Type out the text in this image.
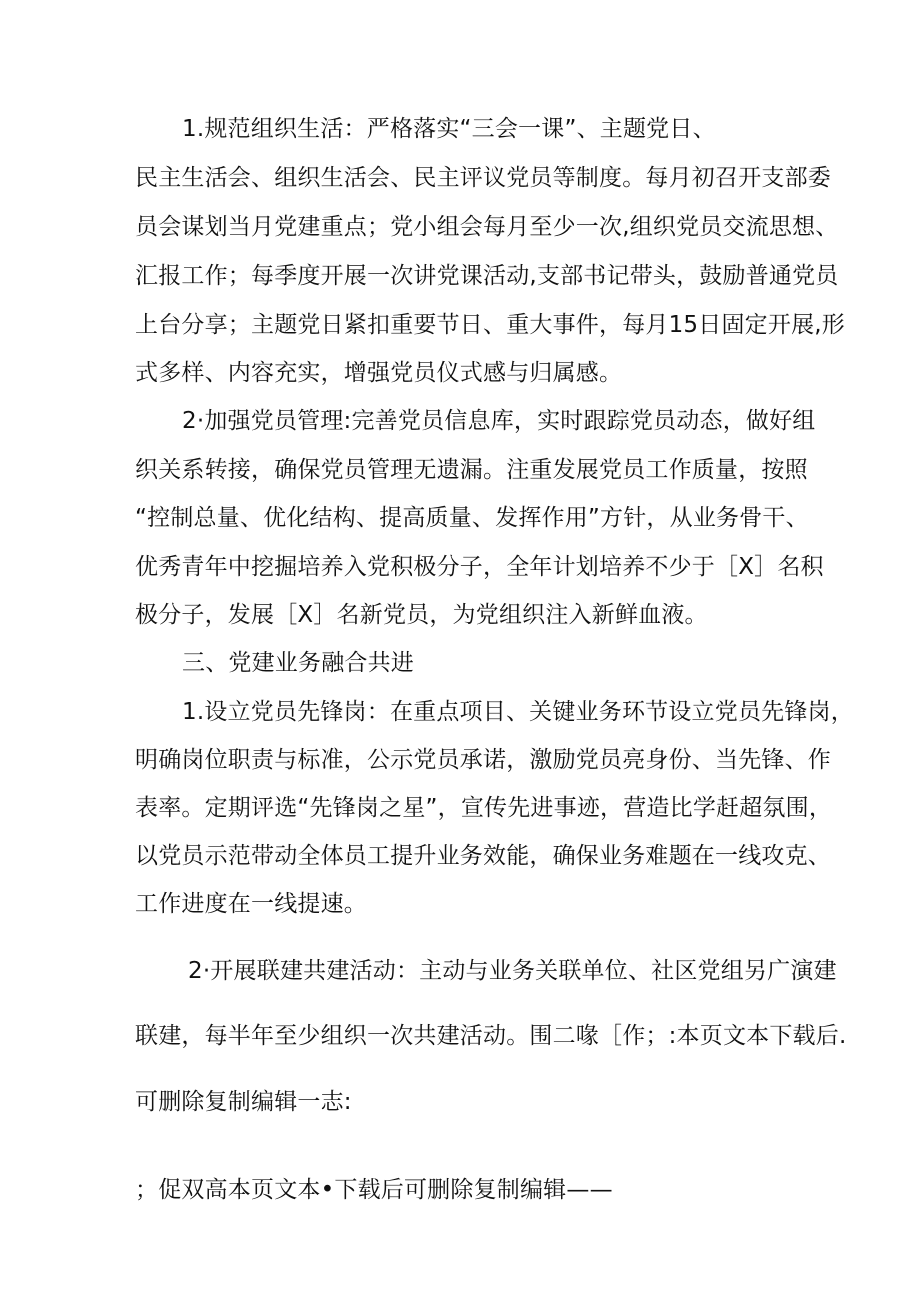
1.规范组织生活：严格落实“三会一课”、主题党日、
民主生活会、组织生活会、民主评议党员等制度。每月初召开支部委
员会谋划当月党建重点；党小组会每月至少一次,组织党员交流思想、
汇报工作；每季度开展一次讲党课活动,支部书记带头，鼓励普通党员
上台分享；主题党日紧扣重要节日、重大事件，每月15日固定开展,形
式多样、内容充实，增强党员仪式感与归属感。
2·加强党员管理:完善党员信息库，实时跟踪党员动态，做好组
织关系转接，确保党员管理无遗漏。注重发展党员工作质量，按照
“控制总量、优化结构、提高质量、发挥作用”方针，从业务骨干、
优秀青年中挖掘培养入党积极分子，全年计划培养不少于［X］名积
极分子，发展［X］名新党员，为党组织注入新鲜血液。
三、党建业务融合共进
1.设立党员先锋岗：在重点项目、关键业务环节设立党员先锋岗，
明确岗位职责与标准，公示党员承诺，激励党员亮身份、当先锋、作
表率。定期评选“先锋岗之星”，宣传先进事迹，营造比学赶超氛围，
以党员示范带动全体员工提升业务效能，确保业务难题在一线攻克、
工作进度在一线提速。
2·开展联建共建活动：主动与业务关联单位、社区党组另广演建
联建，每半年至少组织一次共建活动。围二喙［作；:本页文本下载后.
可删除复制编辑一志:
；促双高本页文本•下载后可删除复制编辑——
